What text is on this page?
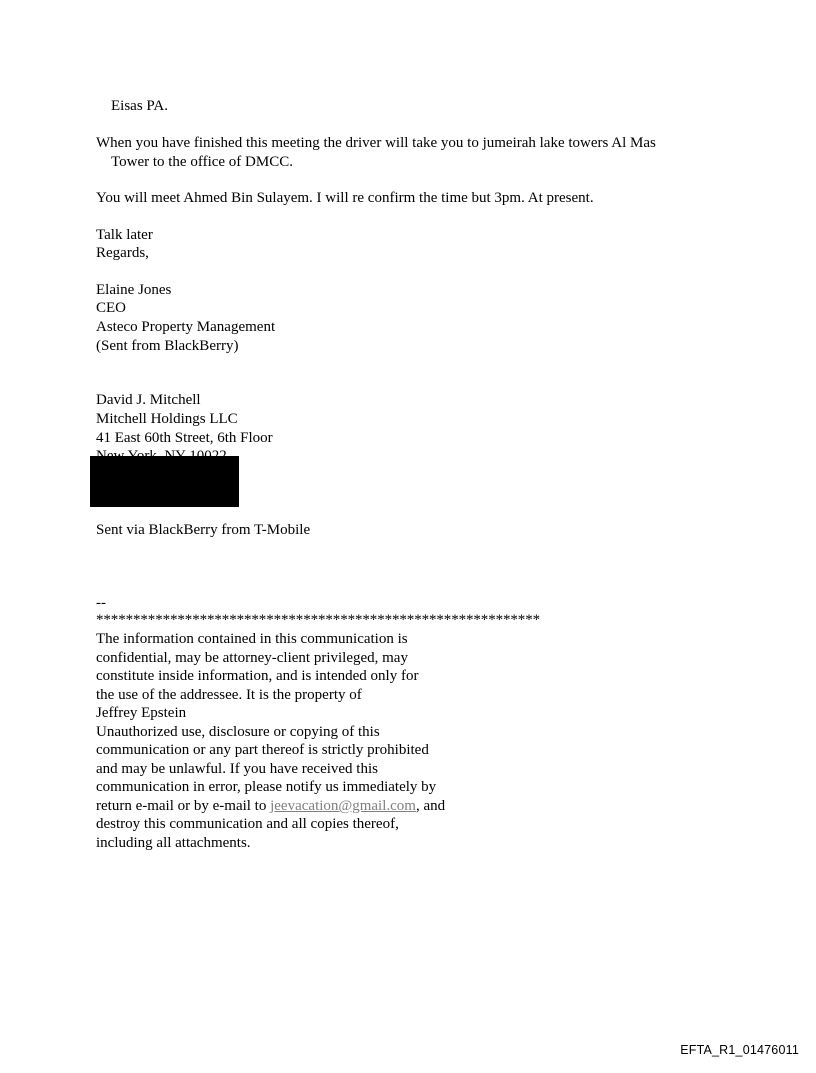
Eisas PA.
When you have finished this meeting the driver will take you to jumeirah lake towers Al Mas
Tower to the office of DMCC.
You will meet Ahmed Bin Sulayem. I will re confirm the time but 3pm. At present.
Talk later
Regards,
Elaine Jones
CEO
Asteco Property Management
(Sent from BlackBerry)
David J. Mitchell
Mitchell Holdings LLC
41 East 60th Street, 6th Floor
Sent via BlackBerry from T-Mobile
--
************************************************************
The information contained in this communication is
confidential, may be attorney-client privileged, may
constitute inside information, and is intended only for
the use of the addressee. It is the property of
Jeffrey Epstein
Unauthorized use, disclosure or copying of this
communication or any part thereof is strictly prohibited
and may be unlawful. If you have received this
communication in error, please notify us immediately by
return e-mail or by e-mail to jeevacation@gmail.com, and
destroy this communication and all copies thereof,
including all attachments.
EFTA_R1_01476011
